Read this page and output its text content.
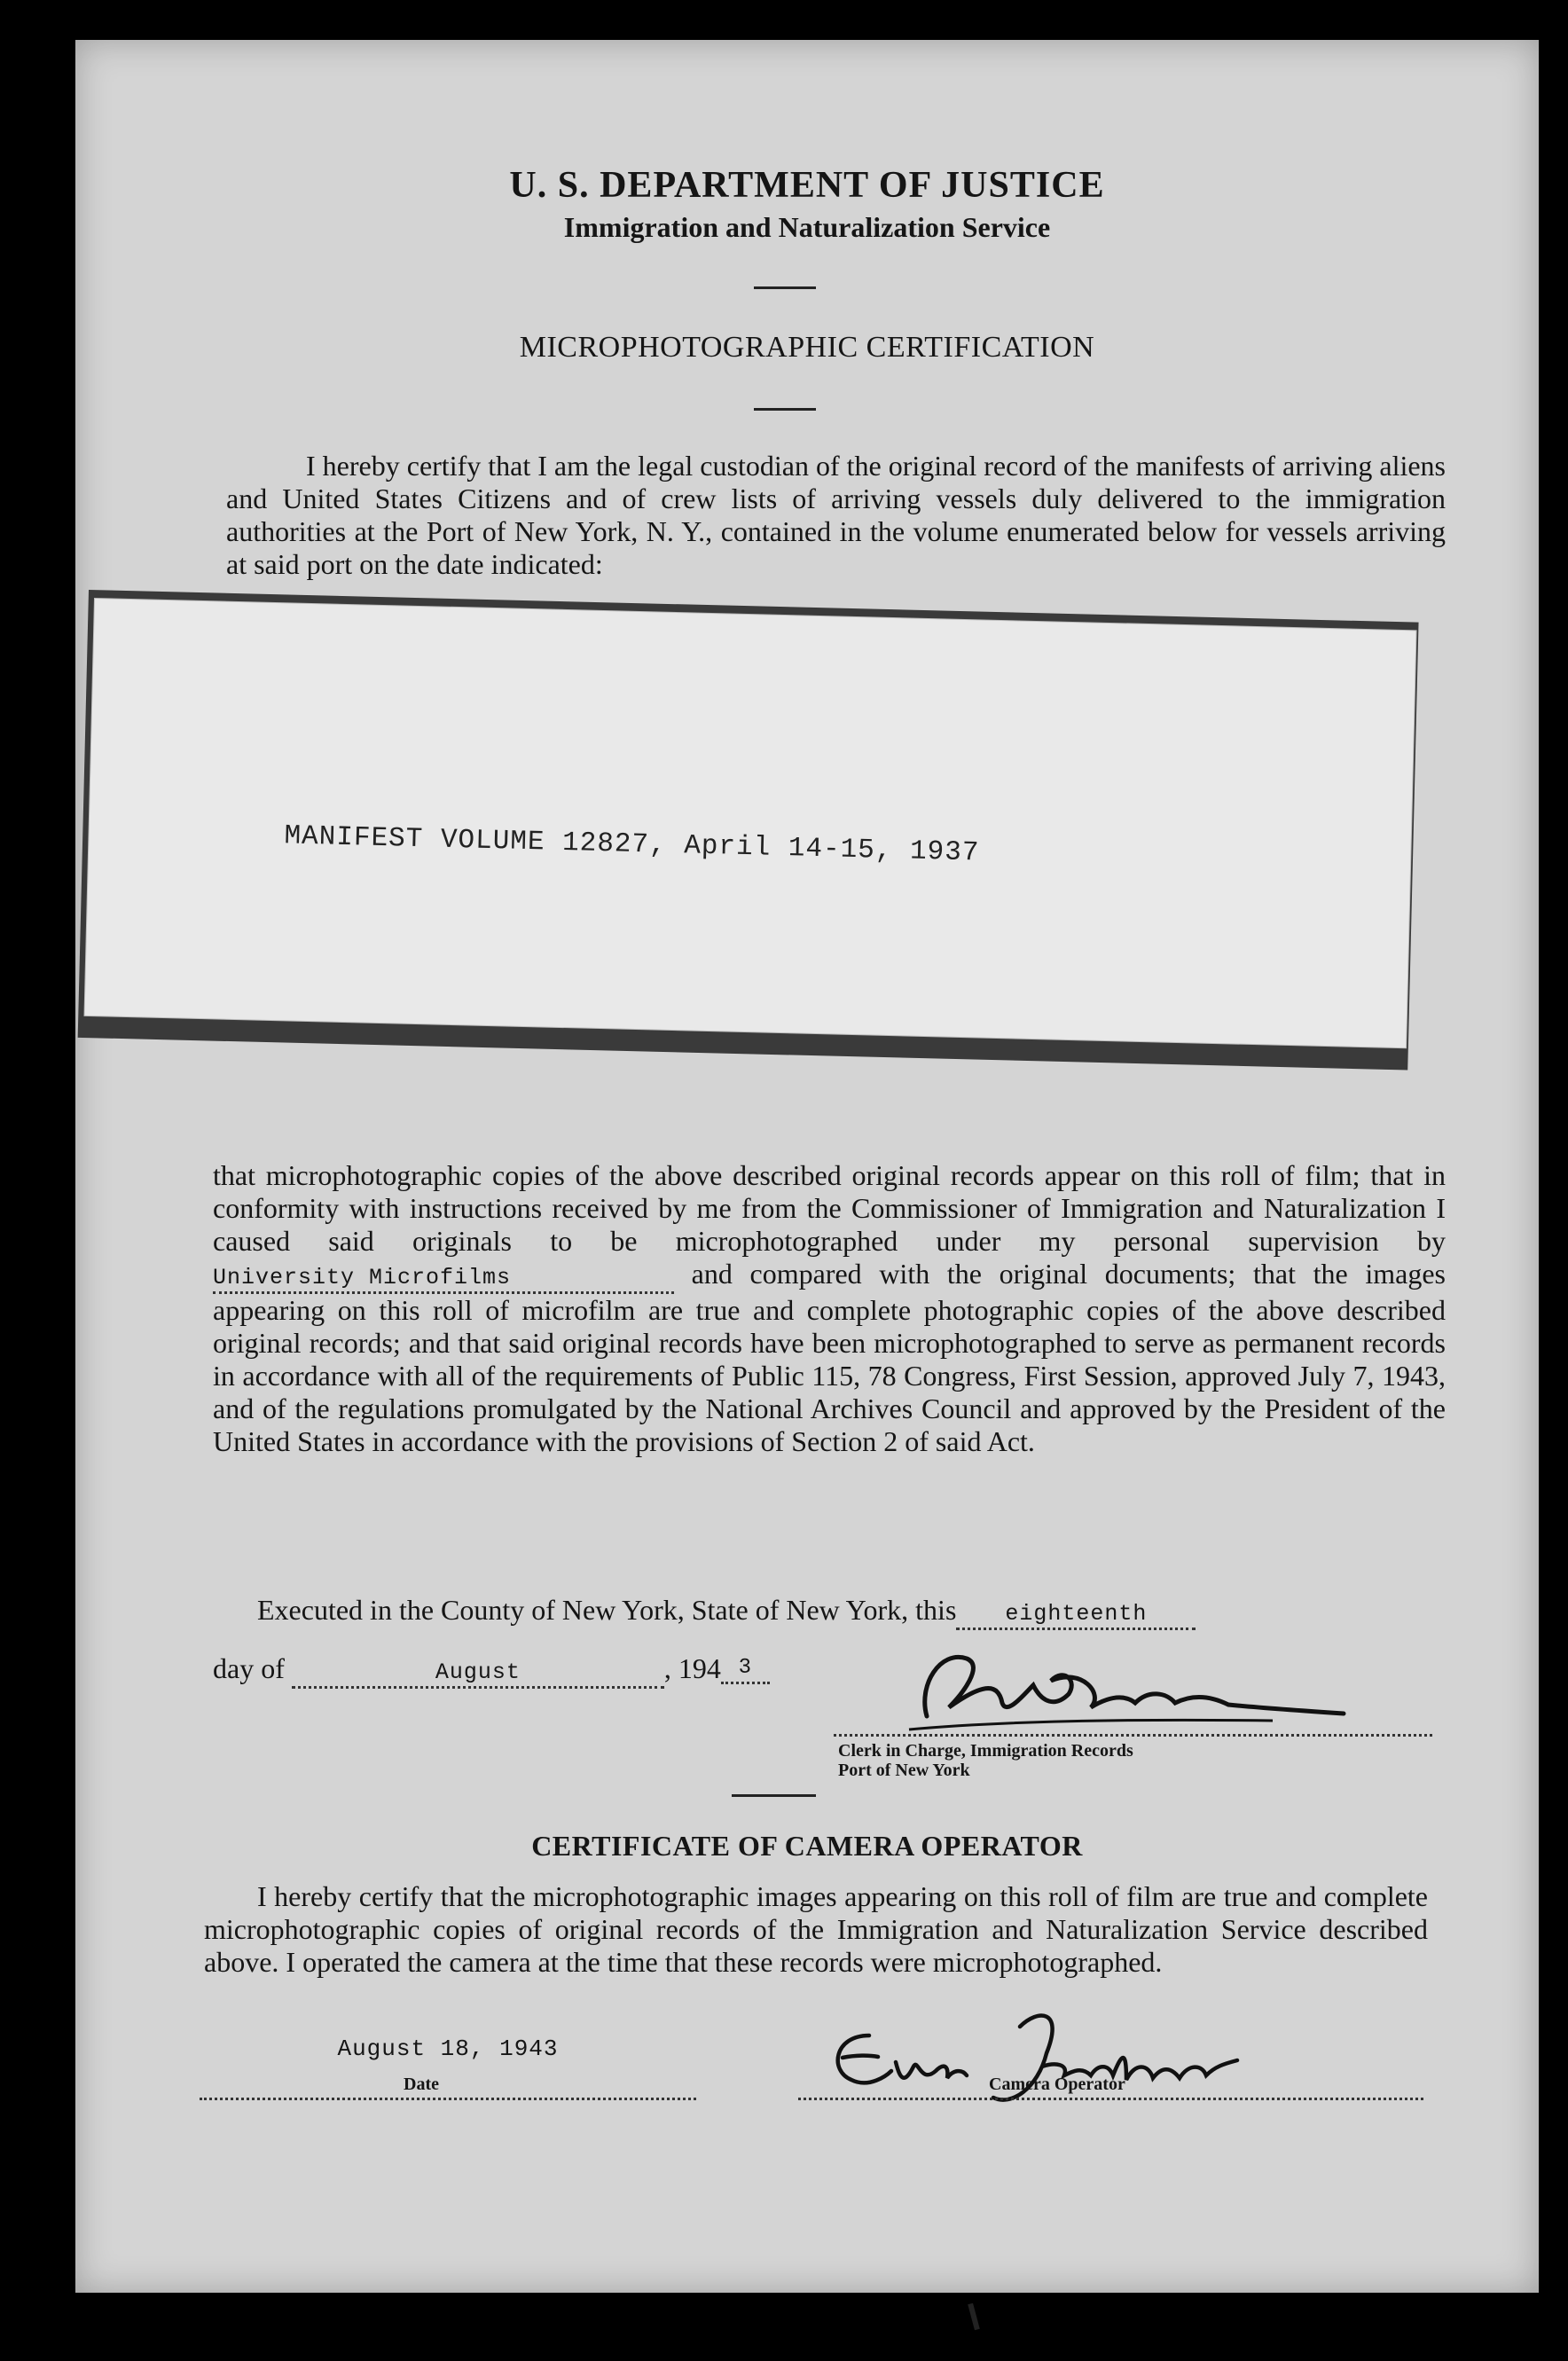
U. S. DEPARTMENT OF JUSTICE
Immigration and Naturalization Service
MICROPHOTOGRAPHIC CERTIFICATION
I hereby certify that I am the legal custodian of the original record of the manifests of arriving aliens and United States Citizens and of crew lists of arriving vessels duly delivered to the immigration authorities at the Port of New York, N. Y., contained in the volume enumerated below for vessels arriving at said port on the date indicated:
MANIFEST VOLUME 12827, April 14-15, 1937
that microphotographic copies of the above described original records appear on this roll of film; that in conformity with instructions received by me from the Commissioner of Immigration and Naturalization I caused said originals to be microphotographed under my personal supervision by University Microfilms	and compared with the original documents; that the images appearing on this roll of microfilm are true and complete photographic copies of the above described original records; and that said original records have been microphotographed to serve as permanent records in accordance with all of the requirements of Public 115, 78 Congress, First Session, approved July 7, 1943, and of the regulations promulgated by the National Archives Council and approved by the President of the United States in accordance with the provisions of Section 2 of said Act.
Executed in the County of New York, State of New York, this eighteenth
day of	August	, 194 3
Clerk in Charge, Immigration Records
Port of New York
CERTIFICATE OF CAMERA OPERATOR
I hereby certify that the microphotographic images appearing on this roll of film are true and complete microphotographic copies of original records of the Immigration and Naturalization Service described above. I operated the camera at the time that these records were microphotographed.
August 18, 1943
Date	Camera Operator
